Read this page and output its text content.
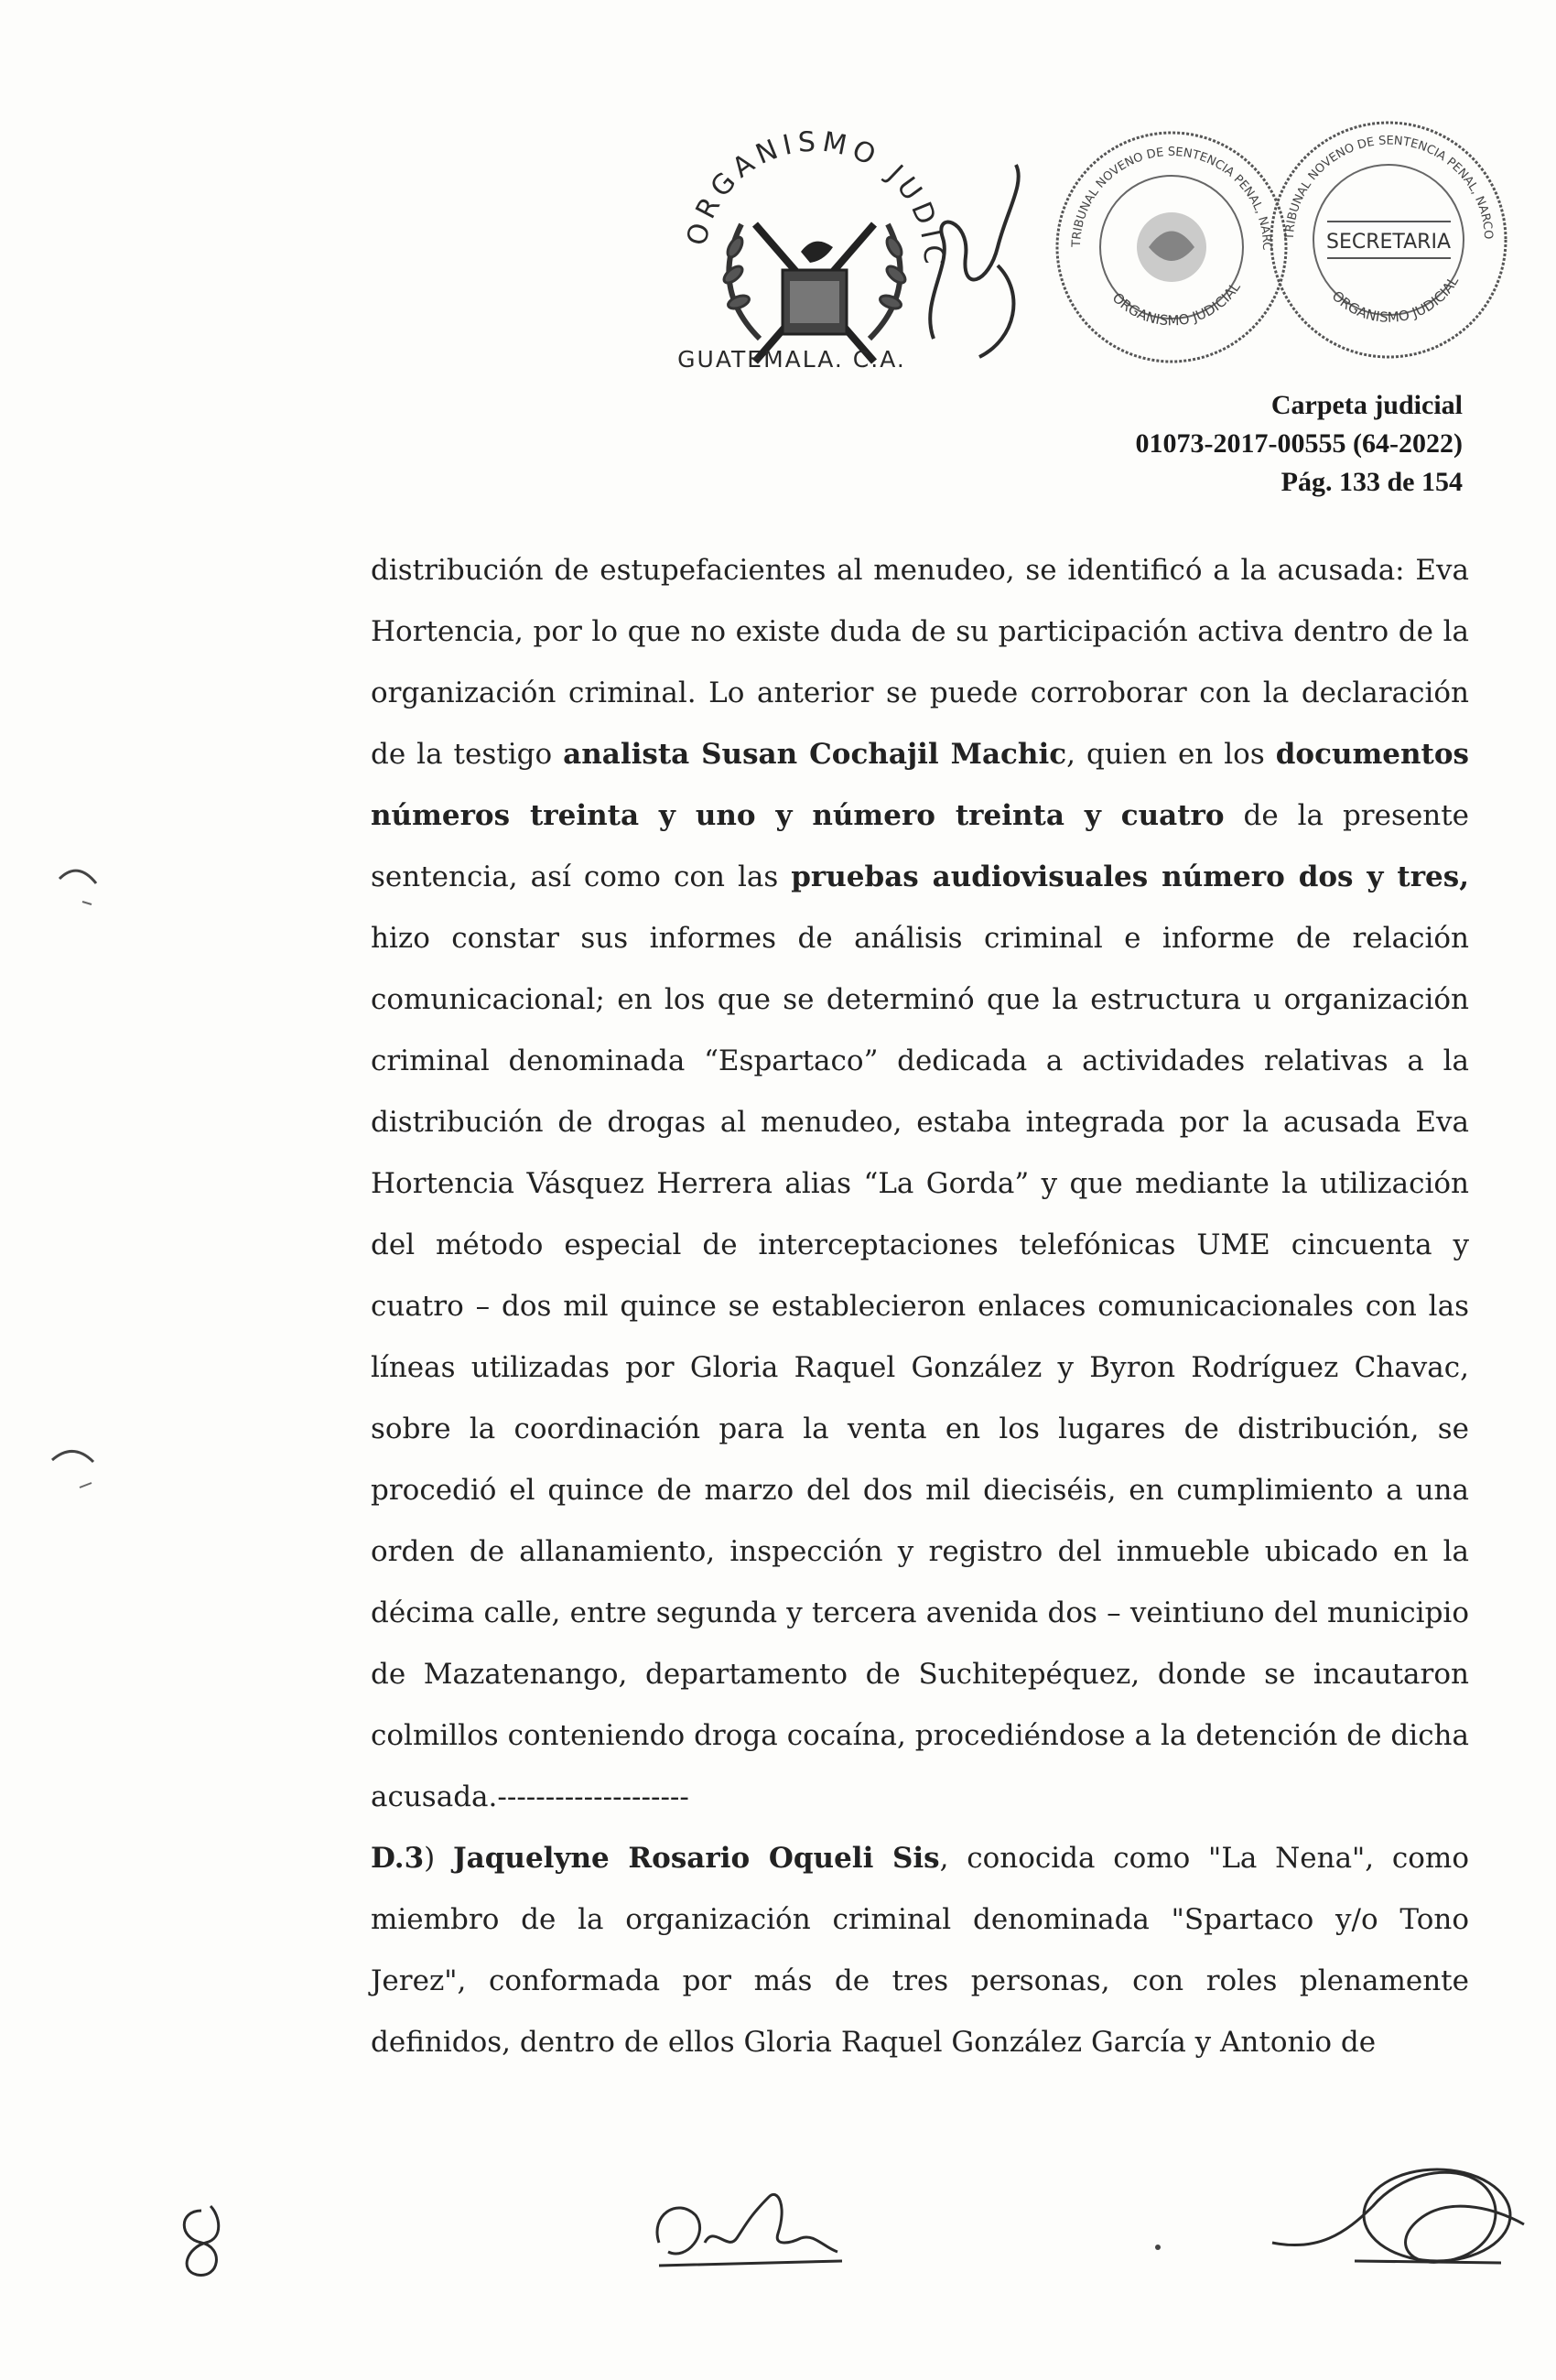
ORGANISMO JUDIC
GUATEMALA. C.A.
TRIBUNAL NOVENO DE SENTENCIA PENAL, NARC
ORGANISMO JUDICIAL
TRIBUNAL NOVENO DE SENTENCIA PENAL, NARCO
SECRETARIA
ORGANISMO JUDICIAL
Carpeta judicial
01073-2017-00555 (64-2022)
Pág. 133 de 154

distribución de estupefacientes al menudeo, se identificó a la acusada: Eva Hortencia, por lo que no existe duda de su participación activa dentro de la organización criminal. Lo anterior se puede corroborar con la declaración de la testigo analista Susan Cochajil Machic, quien en los documentos números treinta y uno y número treinta y cuatro de la presente sentencia, así como con las pruebas audiovisuales número dos y tres, hizo constar sus informes de análisis criminal e informe de relación comunicacional; en los que se determinó que la estructura u organización criminal denominada “Espartaco” dedicada a actividades relativas a la distribución de drogas al menudeo, estaba integrada por la acusada Eva Hortencia Vásquez Herrera alias “La Gorda” y que mediante la utilización del método especial de interceptaciones telefónicas UME cincuenta y cuatro – dos mil quince se establecieron enlaces comunicacionales con las líneas utilizadas por Gloria Raquel González y Byron Rodríguez Chavac, sobre la coordinación para la venta en los lugares de distribución, se procedió el quince de marzo del dos mil dieciséis, en cumplimiento a una orden de allanamiento, inspección y registro del inmueble ubicado en la décima calle, entre segunda y tercera avenida dos – veintiuno del municipio de Mazatenango, departamento de Suchitepéquez, donde se incautaron colmillos conteniendo droga cocaína, procediéndose a la detención de dicha acusada.--------------------

D.3) Jaquelyne Rosario Oqueli Sis, conocida como "La Nena", como miembro de la organización criminal denominada "Spartaco y/o Tono Jerez", conformada por más de tres personas, con roles plenamente definidos, dentro de ellos Gloria Raquel González García y Antonio de
